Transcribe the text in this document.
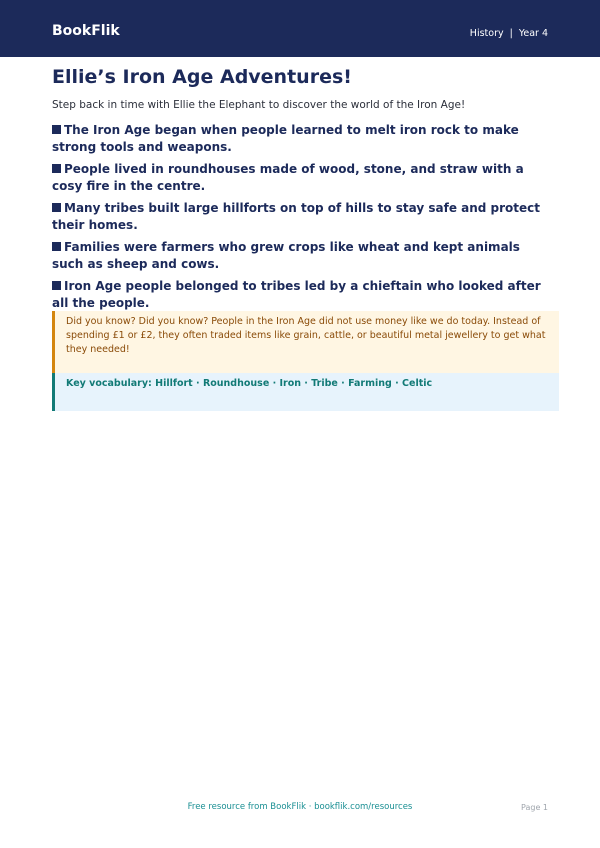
BookFlik	History | Year 4
Ellie’s Iron Age Adventures!

Step back in time with Ellie the Elephant to discover the world of the Iron Age!

The Iron Age began when people learned to melt iron rock to make strong tools and weapons.
People lived in roundhouses made of wood, stone, and straw with a cosy fire in the centre.
Many tribes built large hillforts on top of hills to stay safe and protect their homes.
Families were farmers who grew crops like wheat and kept animals such as sheep and cows.
Iron Age people belonged to tribes led by a chieftain who looked after all the people.
Did you know? Did you know? People in the Iron Age did not use money like we do today. Instead of spending £1 or £2, they often traded items like grain, cattle, or beautiful metal jewellery to get what they needed!
Key vocabulary: Hillfort · Roundhouse · Iron · Tribe · Farming · Celtic
Free resource from BookFlik · bookflik.com/resources	Page 1
